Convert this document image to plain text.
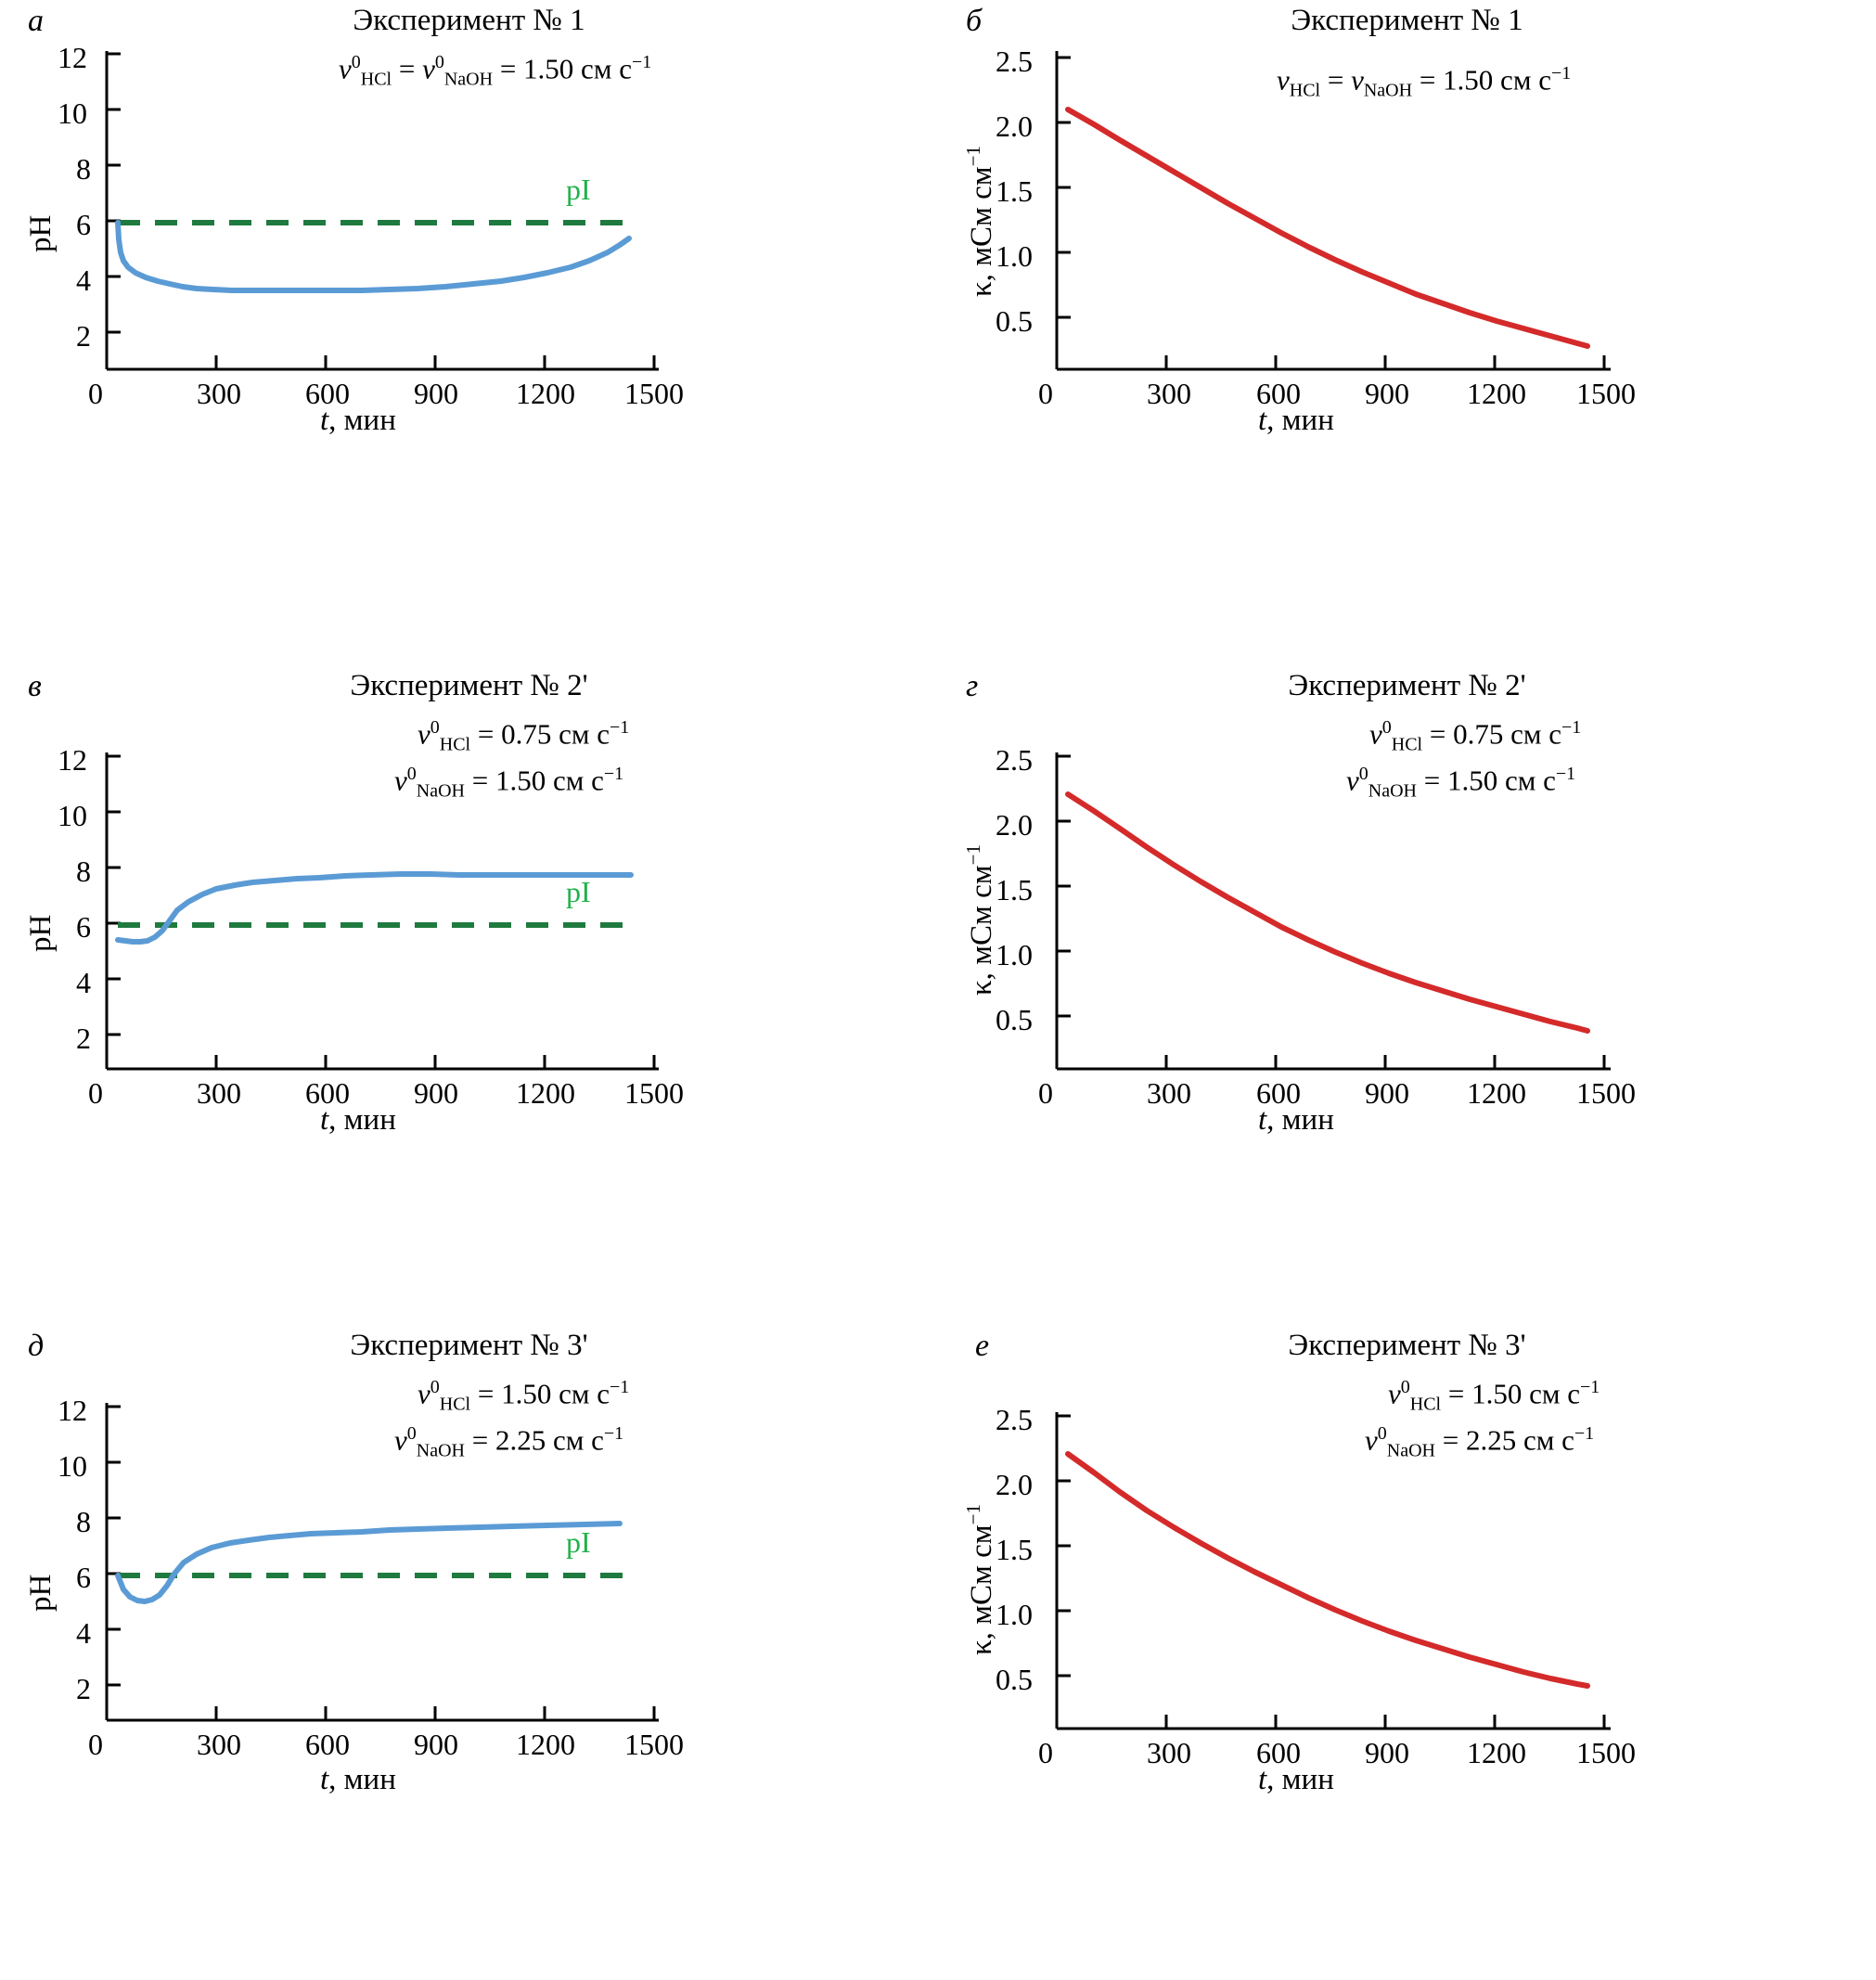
а	Эксперимент № 1
$v^0_{HCl} = v^0_{NaOH} = 1.50$ см $с^{-1}$
pI
pH
t, мин
12
10
8
6
4
2
0	300 600 900 1200 1500
б	Эксперимент № 1
$v_{HCl} = v_{NaOH} = 1.50$ см $с^{-1}$
κ, мСм $см^{-1}$
t, мин
2.5
2.0
1.5
1.0
0.5
0	300 600 900 1200 1500
в	Эксперимент № 2'
$v^0_{HCl} = 0.75$ см $с^{-1}$
$v^0_{NaOH} = 1.50$ см $с^{-1}$
pI
pH
t, мин
12
10
8
6
4
2
0	300 600 900 1200 1500
г	Эксперимент № 2'
$v^0_{HCl} = 0.75$ см $с^{-1}$
$v^0_{NaOH} = 1.50$ см $с^{-1}$
κ, мСм $см^{-1}$
t, мин
2.5
2.0
1.5
1.0
0.5
0	300 600 900 1200 1500
д	Эксперимент № 3'
$v^0_{HCl} = 1.50$ см $с^{-1}$
$v^0_{NaOH} = 2.25$ см $с^{-1}$
pI
pH
t, мин
12
10
8
6
4
2
0	300 600 900 1200 1500
е	Эксперимент № 3'
$v^0_{HCl} = 1.50$ см $с^{-1}$
$v^0_{NaOH} = 2.25$ см $с^{-1}$
κ, мСм $см^{-1}$
t, мин
2.5
2.0
1.5
1.0
0.5
0	300 600 900 1200 1500
